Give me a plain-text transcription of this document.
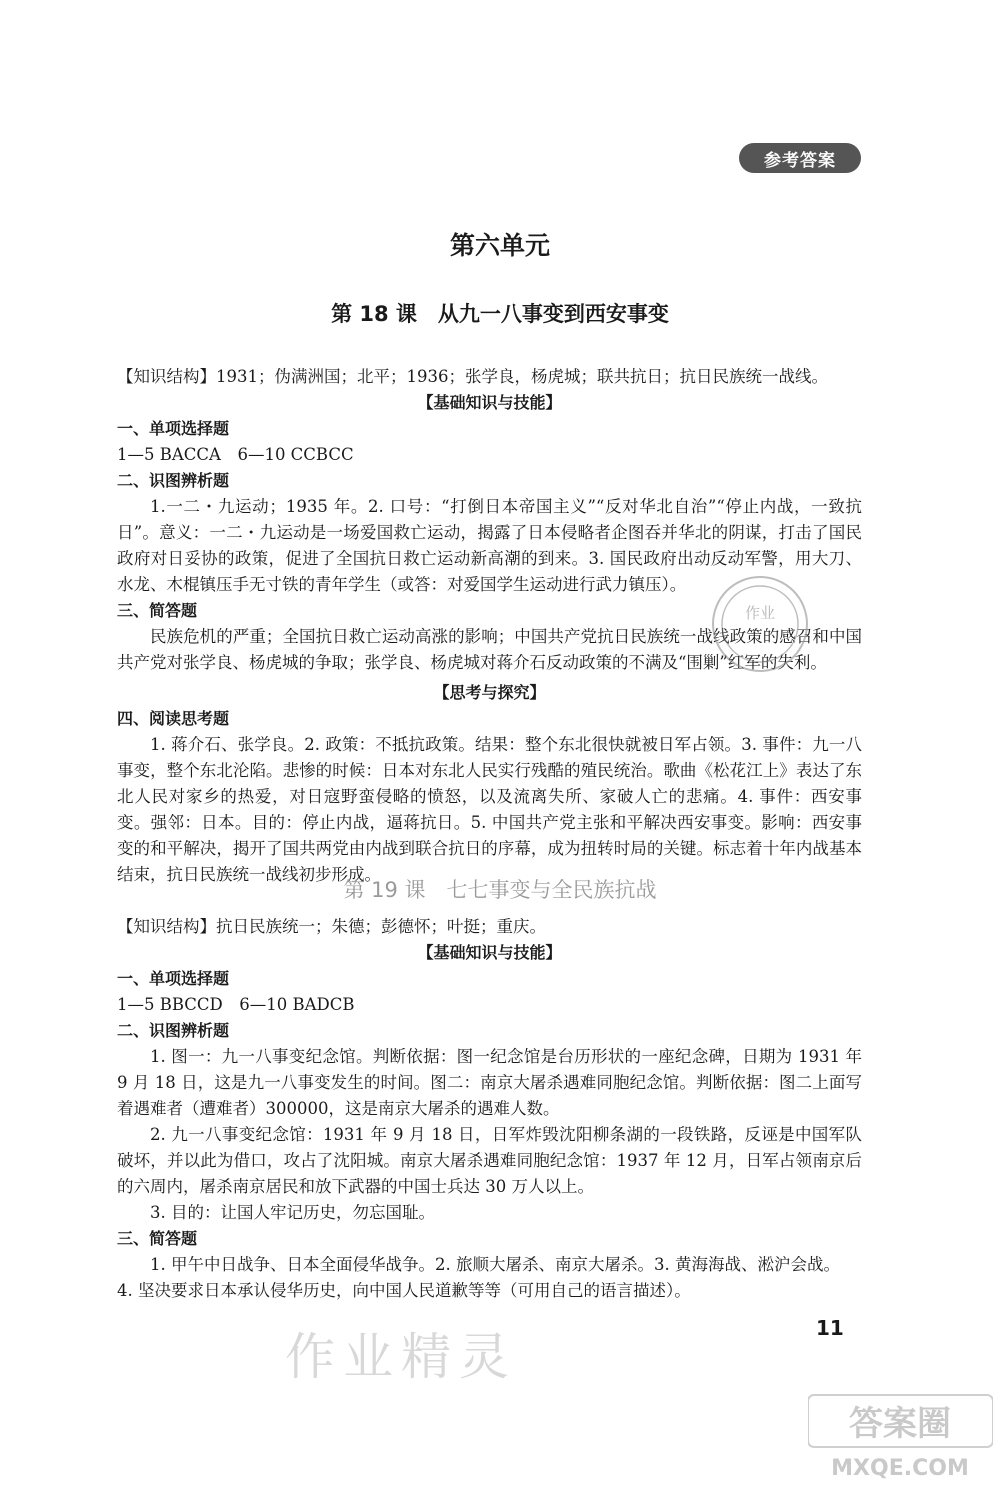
参考答案
第六单元
第 18 课　从九一八事变到西安事变
【知识结构】1931；伪满洲国；北平；1936；张学良，杨虎城；联共抗日；抗日民族统一战线。
【基础知识与技能】
一、单项选择题
1—5 BACCA　6—10 CCBCC
二、识图辨析题

1.一二・九运动；1935 年。2. 口号：“打倒日本帝国主义”“反对华北自治”“停止内战，一致抗日”。意义：一二・九运动是一场爱国救亡运动，揭露了日本侵略者企图吞并华北的阴谋，打击了国民政府对日妥协的政策，促进了全国抗日救亡运动新高潮的到来。3. 国民政府出动反动军警，用大刀、水龙、木棍镇压手无寸铁的青年学生（或答：对爱国学生运动进行武力镇压）。

三、简答题

民族危机的严重；全国抗日救亡运动高涨的影响；中国共产党抗日民族统一战线政策的感召和中国共产党对张学良、杨虎城的争取；张学良、杨虎城对蒋介石反动政策的不满及“围剿”红军的失利。

【思考与探究】
四、阅读思考题

1. 蒋介石、张学良。2. 政策：不抵抗政策。结果：整个东北很快就被日军占领。3. 事件：九一八事变，整个东北沦陷。悲惨的时候：日本对东北人民实行残酷的殖民统治。歌曲《松花江上》表达了东北人民对家乡的热爱，对日寇野蛮侵略的愤怒，以及流离失所、家破人亡的悲痛。4. 事件：西安事变。强邻：日本。目的：停止内战，逼蒋抗日。5. 中国共产党主张和平解决西安事变。影响：西安事变的和平解决，揭开了国共两党由内战到联合抗日的序幕，成为扭转时局的关键。标志着十年内战基本结束，抗日民族统一战线初步形成。

第 19 课　七七事变与全民族抗战
【知识结构】抗日民族统一；朱德；彭德怀；叶挺；重庆。
【基础知识与技能】
一、单项选择题
1—5 BBCCD　6—10 BADCB
二、识图辨析题

1. 图一：九一八事变纪念馆。判断依据：图一纪念馆是台历形状的一座纪念碑，日期为 1931 年 9 月 18 日，这是九一八事变发生的时间。图二：南京大屠杀遇难同胞纪念馆。判断依据：图二上面写着遇难者（遭难者）300000，这是南京大屠杀的遇难人数。

2. 九一八事变纪念馆：1931 年 9 月 18 日，日军炸毁沈阳柳条湖的一段铁路，反诬是中国军队破坏，并以此为借口，攻占了沈阳城。南京大屠杀遇难同胞纪念馆：1937 年 12 月，日军占领南京后的六周内，屠杀南京居民和放下武器的中国士兵达 30 万人以上。

3. 目的：让国人牢记历史，勿忘国耻。

三、简答题

1. 甲午中日战争、日本全面侵华战争。2. 旅顺大屠杀、南京大屠杀。3. 黄海海战、淞沪会战。

4. 坚决要求日本承认侵华历史，向中国人民道歉等等（可用自己的语言描述）。
11
作业
作业精灵
答案圈
MXQE.COM
